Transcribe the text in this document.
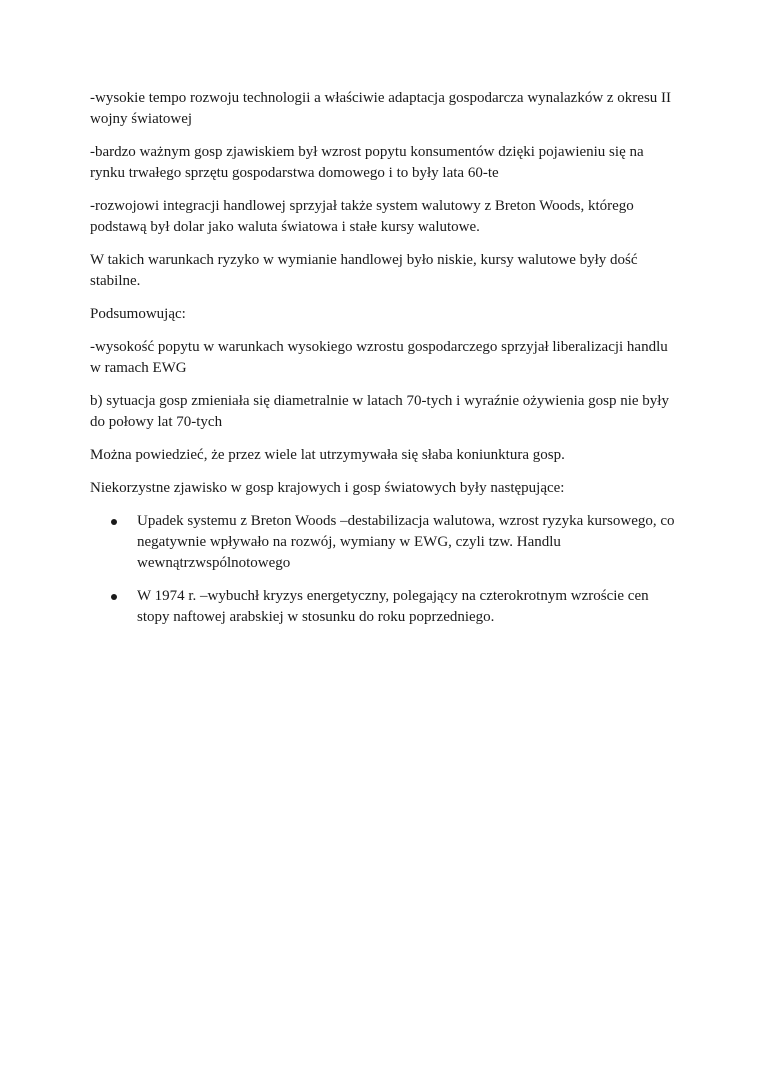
-wysokie tempo rozwoju technologii a właściwie adaptacja gospodarcza wynalazków z okresu II wojny światowej

-bardzo ważnym gosp zjawiskiem był wzrost popytu konsumentów dzięki pojawieniu się na rynku trwałego sprzętu gospodarstwa domowego i to były lata 60-te

-rozwojowi integracji handlowej sprzyjał także system walutowy z Breton Woods, którego podstawą był dolar jako waluta światowa i stałe kursy walutowe.

W takich warunkach ryzyko w wymianie handlowej było niskie, kursy walutowe były dość stabilne.

Podsumowując:

-wysokość popytu w warunkach wysokiego wzrostu gospodarczego sprzyjał liberalizacji handlu w ramach EWG

b) sytuacja gosp zmieniała się diametralnie w latach 70-tych i wyraźnie ożywienia gosp nie były do połowy lat 70-tych

Można powiedzieć, że przez wiele lat utrzymywała się słaba koniunktura gosp.

Niekorzystne zjawisko w gosp krajowych i gosp światowych były następujące:

Upadek systemu z Breton Woods –destabilizacja walutowa, wzrost ryzyka kursowego, co negatywnie wpływało na rozwój, wymiany w EWG, czyli tzw. Handlu wewnątrzwspólnotowego
W 1974 r. –wybuchł kryzys energetyczny, polegający na czterokrotnym wzroście cen stopy naftowej arabskiej w stosunku do roku poprzedniego.
